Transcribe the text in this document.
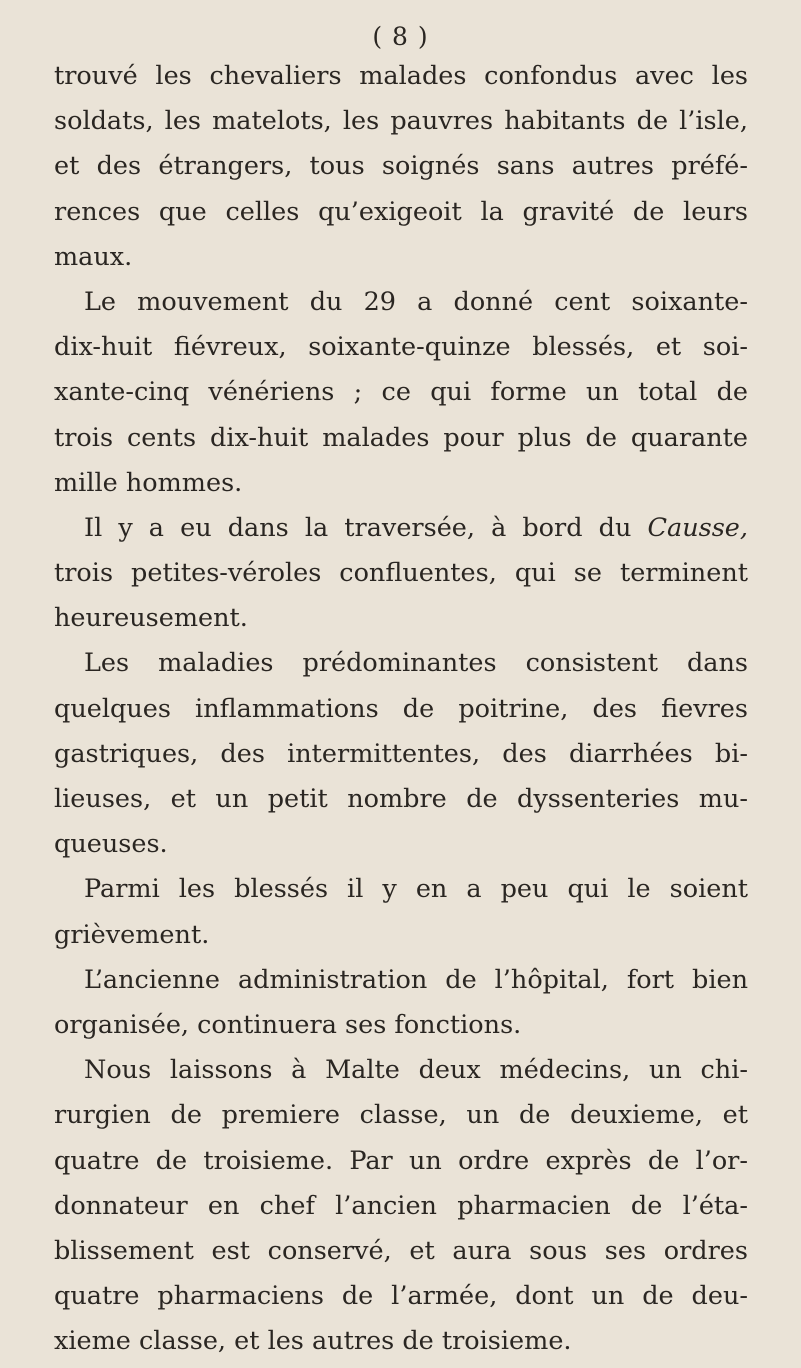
( 8 )
trouvé les chevaliers malades confondus avec les
soldats, les matelots, les pauvres habitants de l’isle,
et des étrangers, tous soignés sans autres préfé-
rences que celles qu’exigeoit la gravité de leurs
maux.
Le mouvement du 29 a donné cent soixante-
dix-huit fiévreux, soixante-quinze blessés, et soi-
xante-cinq vénériens ; ce qui forme un total de
trois cents dix-huit malades pour plus de quarante
mille hommes.
Il y a eu dans la traversée, à bord du Causse,
trois petites-véroles confluentes, qui se terminent
heureusement.
Les maladies prédominantes consistent dans
quelques inflammations de poitrine, des fievres
gastriques, des intermittentes, des diarrhées bi-
lieuses, et un petit nombre de dyssenteries mu-
queuses.
Parmi les blessés il y en a peu qui le soient
grièvement.
L’ancienne administration de l’hôpital, fort bien
organisée, continuera ses fonctions.
Nous laissons à Malte deux médecins, un chi-
rurgien de premiere classe, un de deuxieme, et
quatre de troisieme. Par un ordre exprès de l’or-
donnateur en chef l’ancien pharmacien de l’éta-
blissement est conservé, et aura sous ses ordres
quatre pharmaciens de l’armée, dont un de deu-
xieme classe, et les autres de troisieme.
